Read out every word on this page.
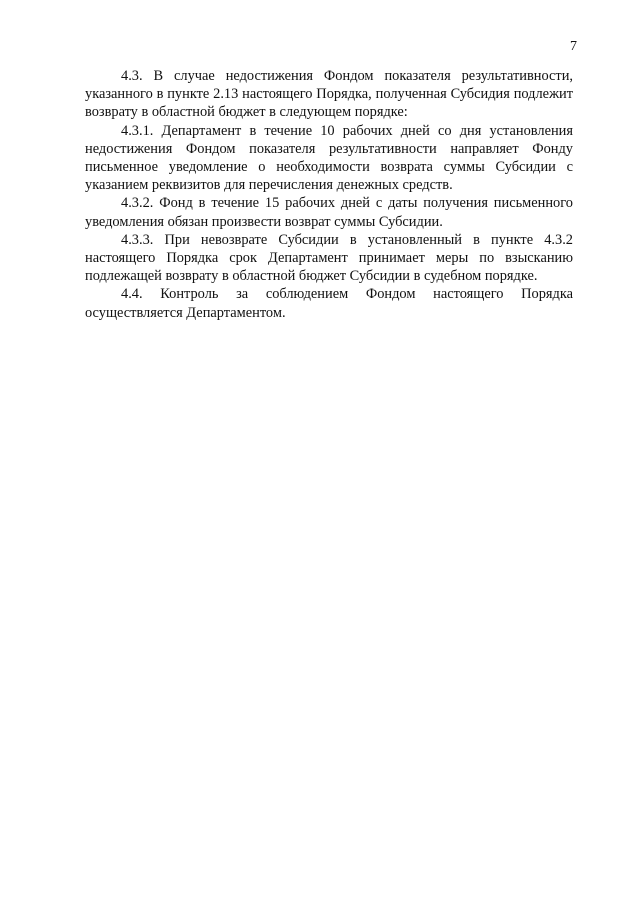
7

4.3. В случае недостижения Фондом показателя результативности, указанного в пункте 2.13 настоящего Порядка, полученная Субсидия подлежит возврату в областной бюджет в следующем порядке:

4.3.1. Департамент в течение 10 рабочих дней со дня установления недостижения Фондом показателя результативности направляет Фонду письменное уведомление о необходимости возврата суммы Субсидии с указанием реквизитов для перечисления денежных средств.

4.3.2. Фонд в течение 15 рабочих дней с даты получения письменного уведомления обязан произвести возврат суммы Субсидии.

4.3.3. При невозврате Субсидии в установленный в пункте 4.3.2 настоящего Порядка срок Департамент принимает меры по взысканию подлежащей возврату в областной бюджет Субсидии в судебном порядке.

4.4. Контроль за соблюдением Фондом настоящего Порядка осуществляется Департаментом.
